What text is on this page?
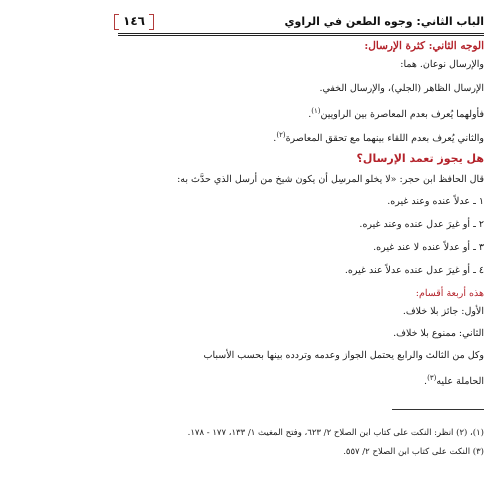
الباب الثاني: وجوه الطعن في الراوي
١٤٦
الوجه الثاني: كثرة الإرسال:
والإرسال نوعان. هما:
الإرسال الظاهر (الجلي)، والإرسال الخفي.
فأولهما يُعرف بعدم المعاصرة بين الراويين$^{(١)}$.
والثاني يُعرف بعدم اللقاء بينهما مع تحقق المعاصرة$^{(٢)}$.
هل يجوز تعمد الإرسال؟
قال الحافظ ابن حجر: «لا يخلو المرسِل أن يكون شيخ من أرسل الذي حدَّث به:
١ ـ عدلاً عنده وعند غيره.
٢ ـ أو غيرَ عدل عنده وعند غيره.
٣ ـ أو عدلاً عنده لا عند غيره.
٤ ـ أو غيرَ عدل عنده عدلاً عند غيره.
هذه أربعة أقسام:
الأول: جائز بلا خلاف.
الثاني: ممنوع بلا خلاف.
وكل من الثالث والرابع يحتمل الجواز وعدمه وتردده بينها بحسب الأسباب
الحاملة عليه$^{(٣)}$.
(١)، (٢) انظر: النكت على كتاب ابن الصلاح ٢/ ٦٢٣، وفتح المغيث ١/ ١٣٣، ١٧٧ - ١٧٨.
(٣) النكت على كتاب ابن الصلاح ٢/ ٥٥٧.
